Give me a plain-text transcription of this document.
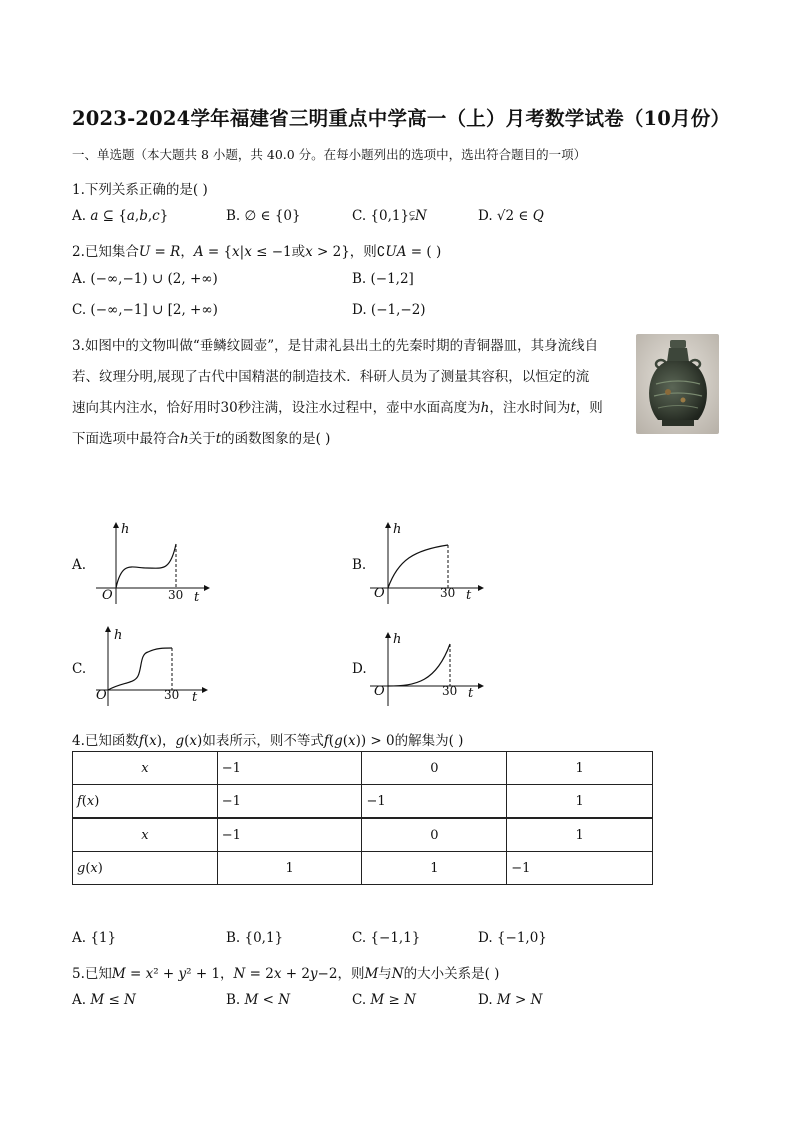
2023-2024学年福建省三明重点中学高一（上）月考数学试卷（10月份）
一、单选题（本大题共 8 小题，共 40.0 分。在每小题列出的选项中，选出符合题目的一项）
1.下列关系正确的是( )
A. 𝑎 ⊆ {𝑎,𝑏,𝑐}	B. ∅ ∈ {0}	C. {0,1}⫋𝑁	D. √2 ∈ 𝑄
2.已知集合𝑈 = 𝑅，𝐴 = {𝑥|𝑥 ≤ −1或𝑥 > 2}，则∁𝑈𝐴 = ( )
A. (−∞,−1) ∪ (2, +∞)	B. (−1,2]
C. (−∞,−1] ∪ [2, +∞)	D. (−1,−2)
3.如图中的文物叫做“垂鳞纹圆壶”，是甘肃礼县出土的先秦时期的青铜器皿，其身流线自
若、纹理分明,展现了古代中国精湛的制造技术．科研人员为了测量其容积，以恒定的流
速向其内注水，恰好用时30秒注满，设注水过程中，壶中水面高度为ℎ，注水时间为𝑡，则
下面选项中最符合ℎ关于𝑡的函数图象的是( )
A.
h
O	30 t
B.
h
O	30 t
C.
h
O	30 t
D.
h
O	30 t
4.已知函数𝑓(𝑥)，𝑔(𝑥)如表所示，则不等式𝑓(𝑔(𝑥)) > 0的解集为( )
𝑥	−1	0	1
𝑓(𝑥)	−1	−1	1
𝑥	−1	0	1
𝑔(𝑥)	1	1	−1
A. {1}	B. {0,1}	C. {−1,1}	D. {−1,0}
5.已知𝑀 = 𝑥² + 𝑦² + 1，𝑁 = 2𝑥 + 2𝑦−2，则𝑀与𝑁的大小关系是( )
A. 𝑀 ≤ 𝑁	B. 𝑀 < 𝑁	C. 𝑀 ≥ 𝑁	D. 𝑀 > 𝑁
